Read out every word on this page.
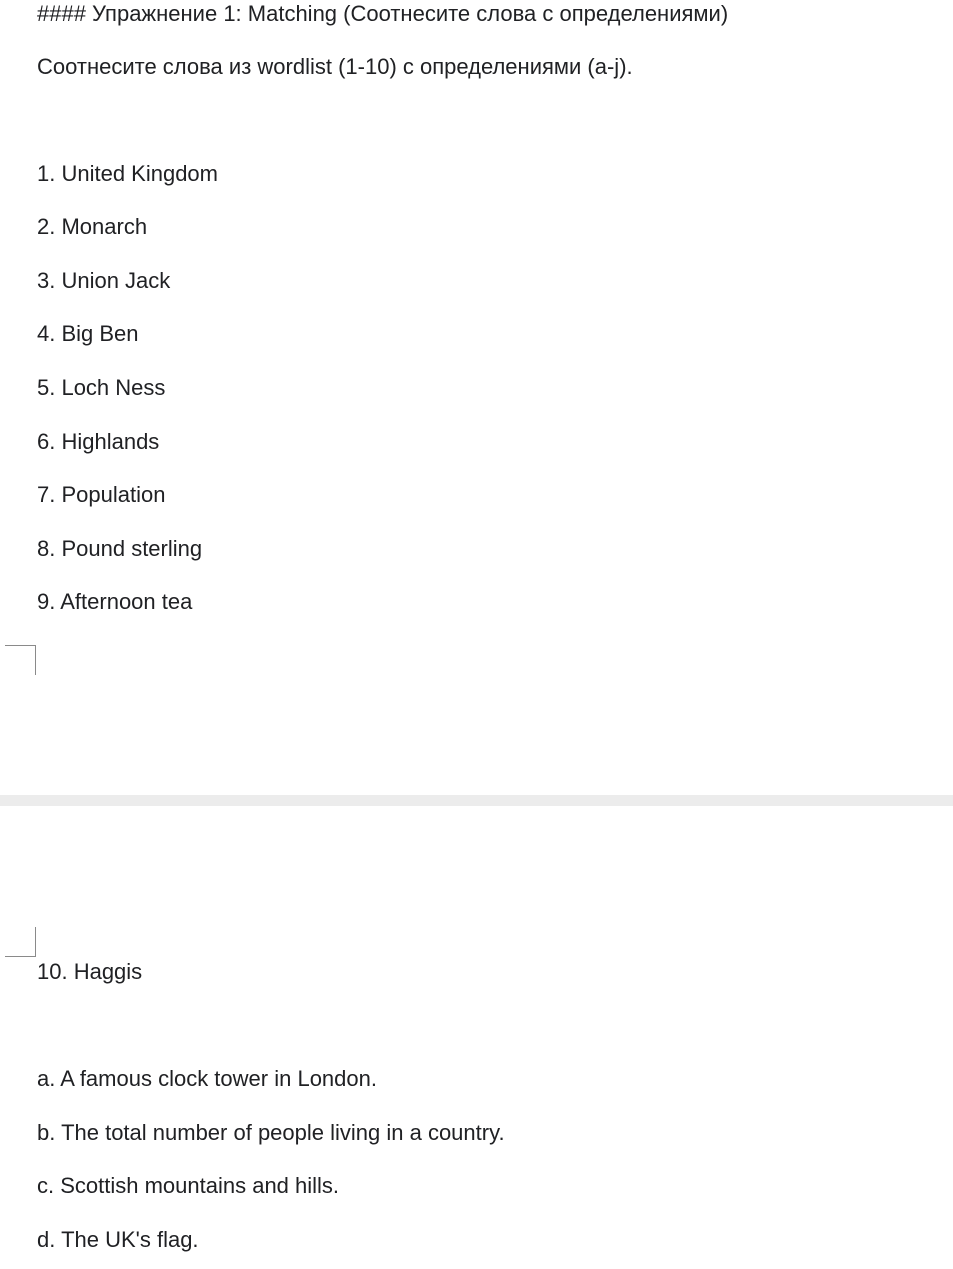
#### Упражнение 1: Matching (Соотнесите слова с определениями)
Соотнесите слова из wordlist (1-10) с определениями (a-j).
1. United Kingdom
2. Monarch
3. Union Jack
4. Big Ben
5. Loch Ness
6. Highlands
7. Population
8. Pound sterling
9. Afternoon tea
10. Haggis
a. A famous clock tower in London.
b. The total number of people living in a country.
c. Scottish mountains and hills.
d. The UK's flag.
